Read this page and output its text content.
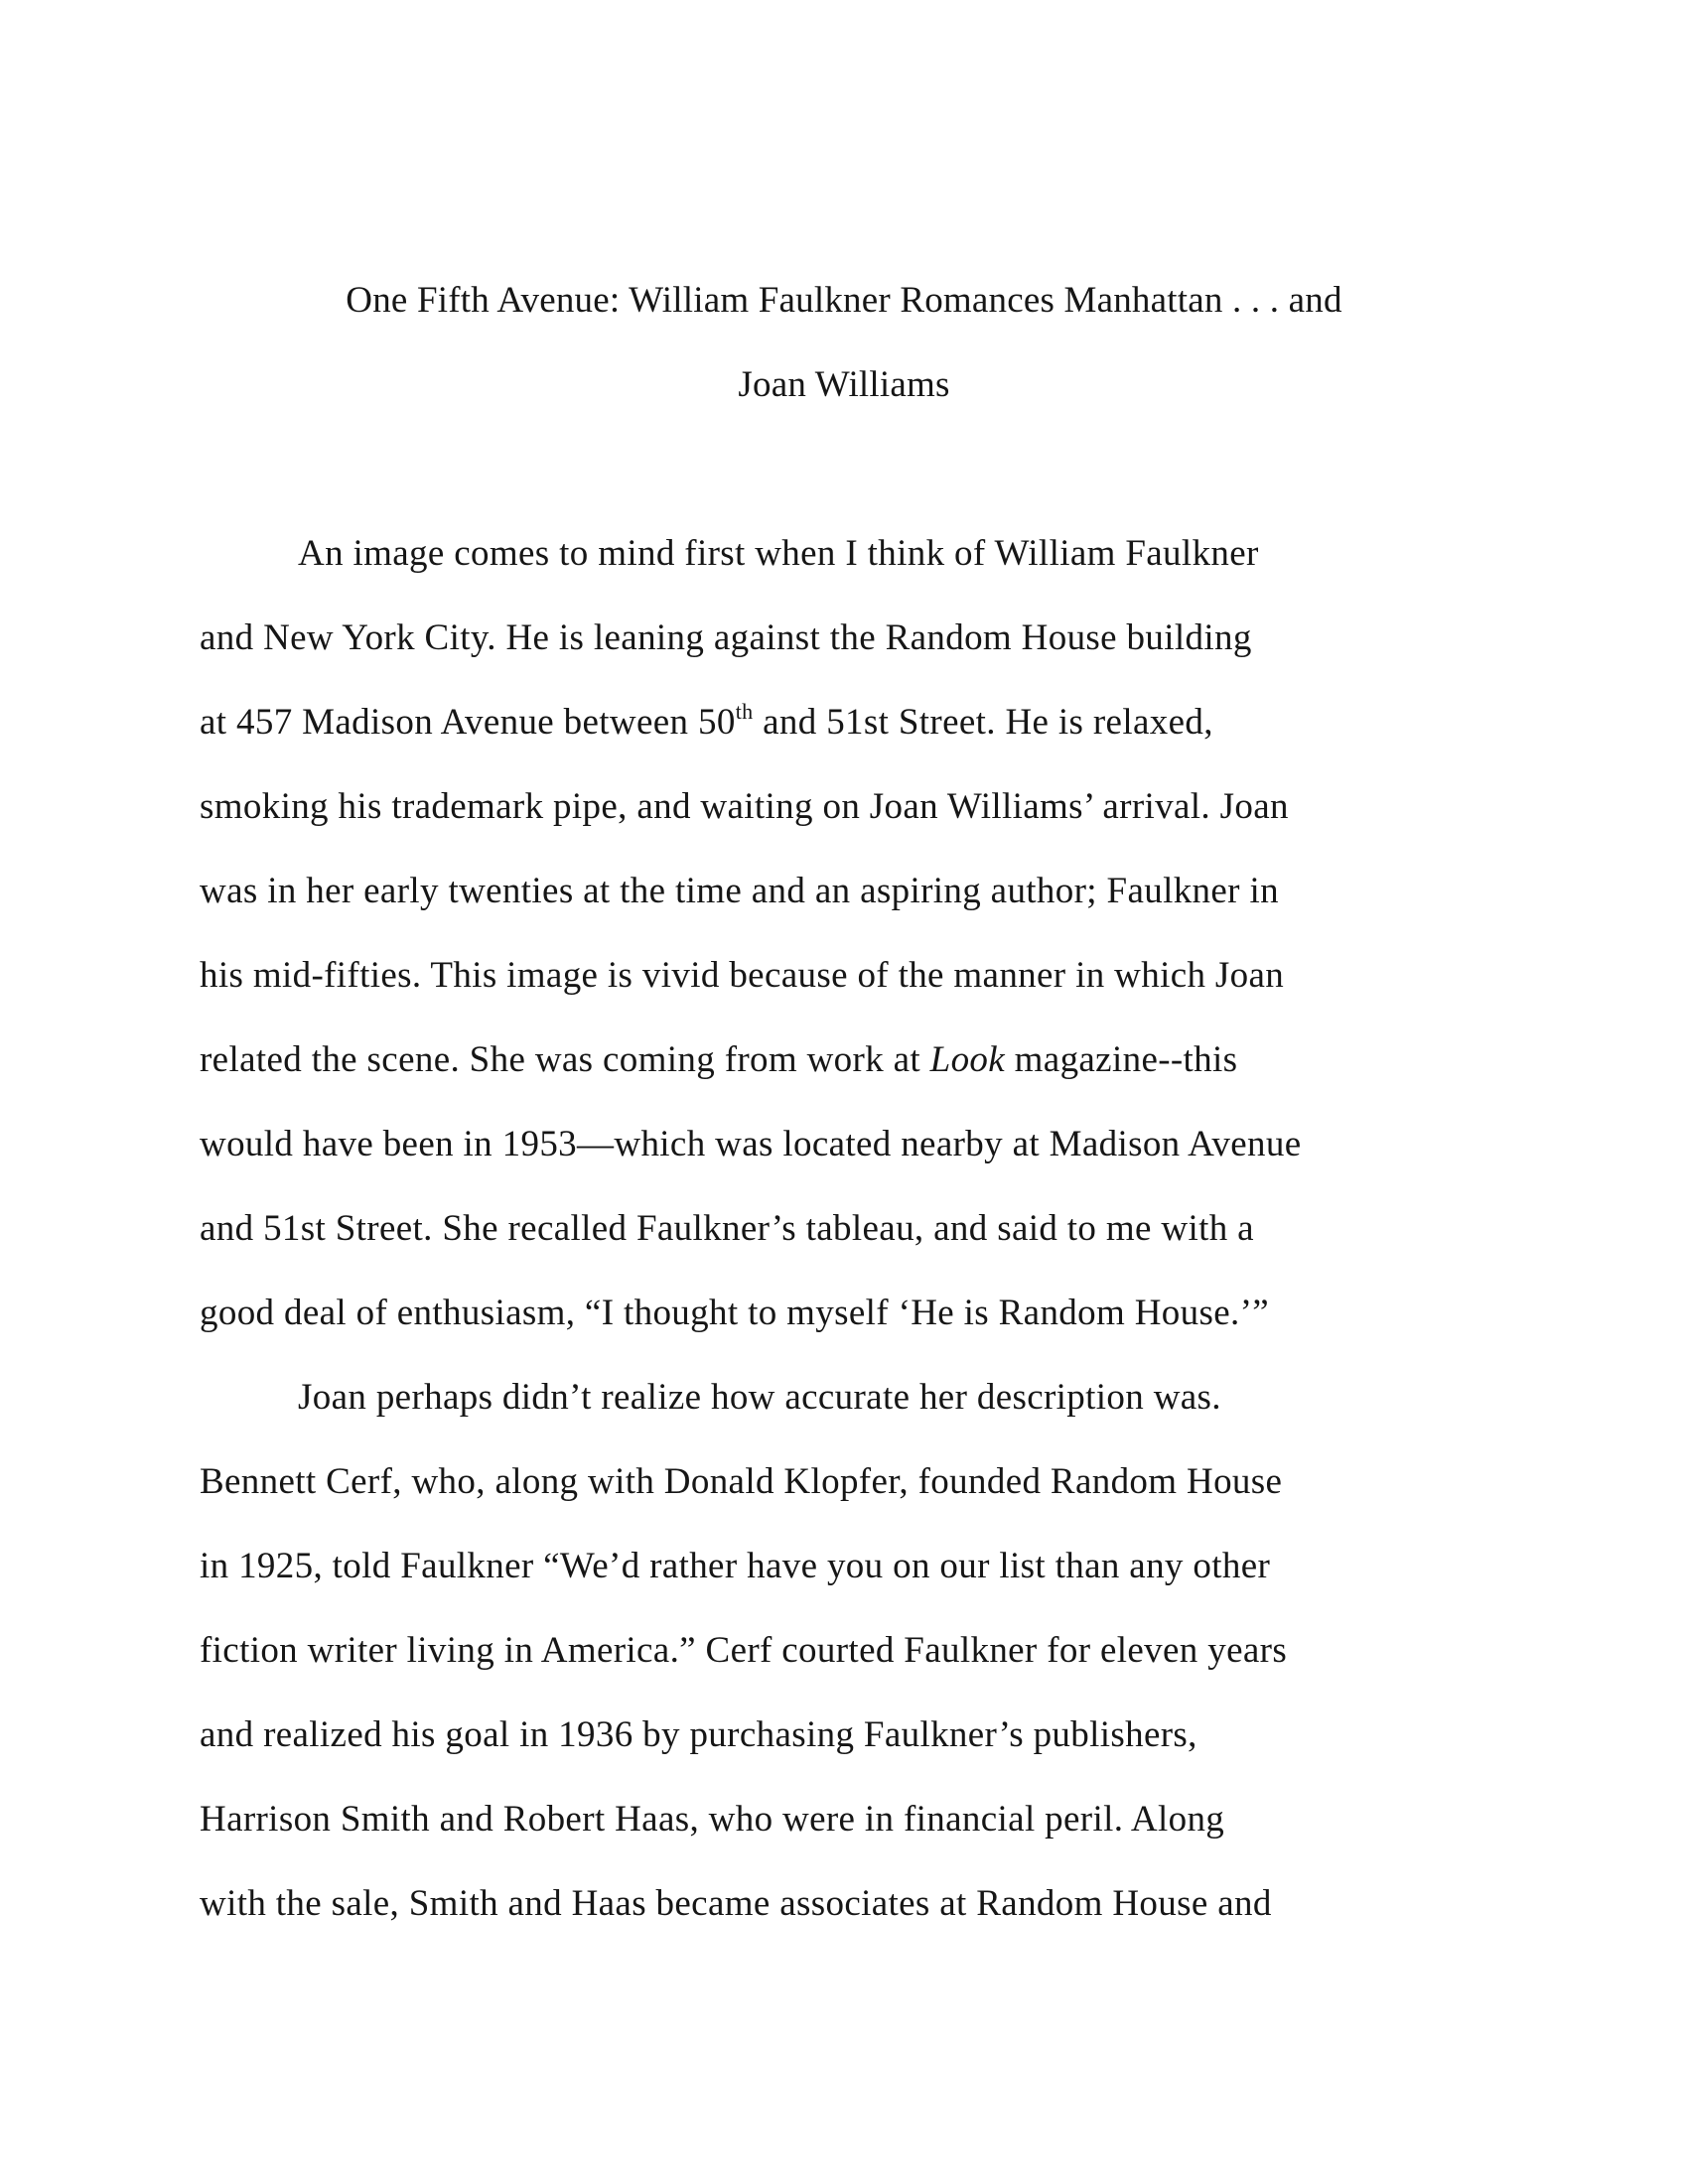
One Fifth Avenue: William Faulkner Romances Manhattan . . . and
Joan Williams
An image comes to mind first when I think of William Faulkner
and New York City. He is leaning against the Random House building
at 457 Madison Avenue between 50th and 51st Street. He is relaxed,
smoking his trademark pipe, and waiting on Joan Williams’ arrival. Joan
was in her early twenties at the time and an aspiring author; Faulkner in
his mid-fifties. This image is vivid because of the manner in which Joan
related the scene. She was coming from work at Look magazine--this
would have been in 1953—which was located nearby at Madison Avenue
and 51st Street. She recalled Faulkner’s tableau, and said to me with a
good deal of enthusiasm, “I thought to myself ‘He is Random House.’”
Joan perhaps didn’t realize how accurate her description was.
Bennett Cerf, who, along with Donald Klopfer, founded Random House
in 1925, told Faulkner “We’d rather have you on our list than any other
fiction writer living in America.” Cerf courted Faulkner for eleven years
and realized his goal in 1936 by purchasing Faulkner’s publishers,
Harrison Smith and Robert Haas, who were in financial peril. Along
with the sale, Smith and Haas became associates at Random House and
